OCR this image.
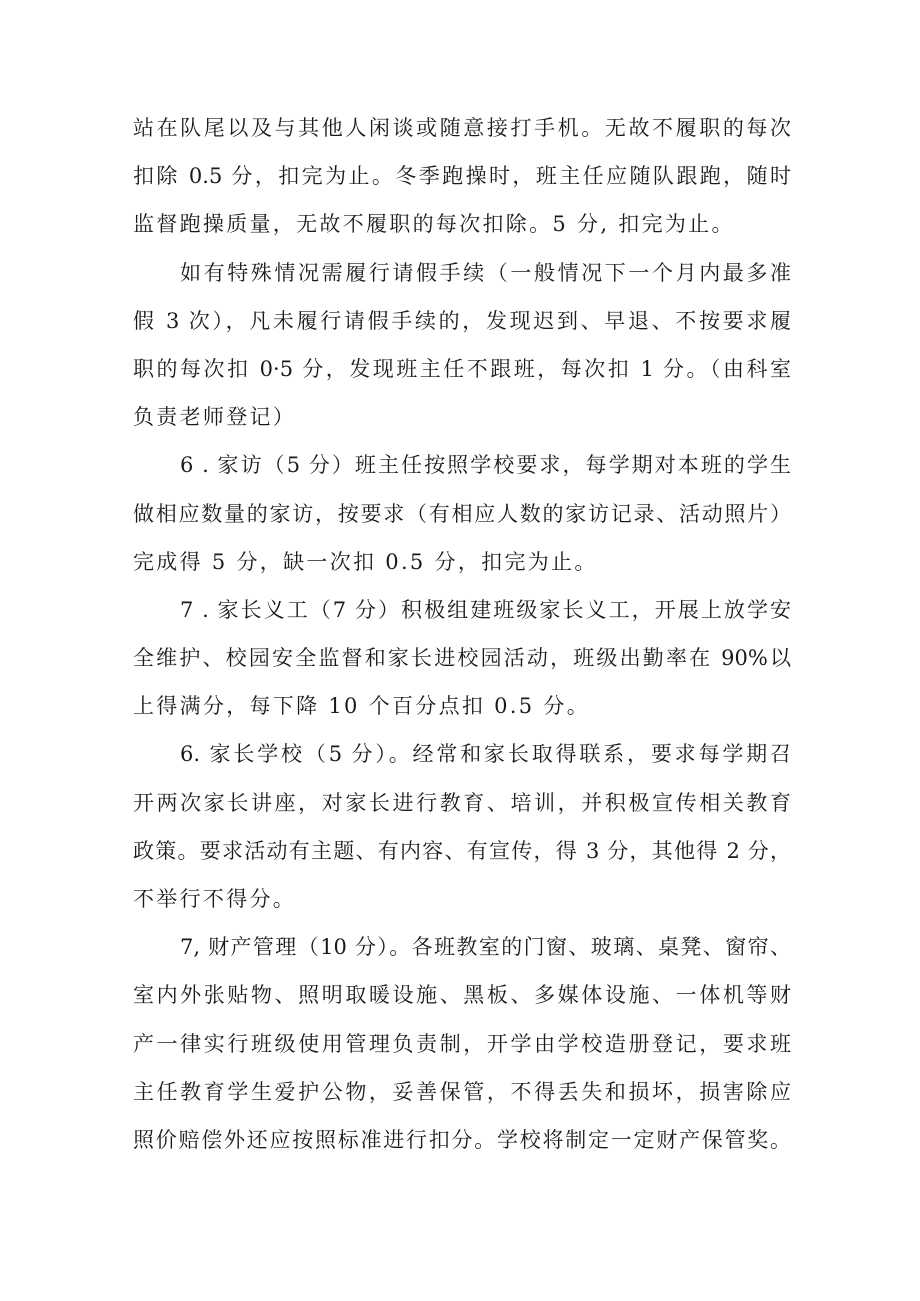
站在队尾以及与其他人闲谈或随意接打手机。无故不履职的每次
扣除 0.5 分，扣完为止。冬季跑操时，班主任应随队跟跑，随时
监督跑操质量，无故不履职的每次扣除。5 分, 扣完为止。
如有特殊情况需履行请假手续（一般情况下一个月内最多准
假 3 次），凡未履行请假手续的，发现迟到、早退、不按要求履
职的每次扣 0·5 分，发现班主任不跟班，每次扣 1 分。（由科室
负责老师登记）
6 . 家访（5 分）班主任按照学校要求，每学期对本班的学生
做相应数量的家访，按要求（有相应人数的家访记录、活动照片）
完成得 5 分，缺一次扣 0.5 分，扣完为止。
7 . 家长义工（7 分）积极组建班级家长义工，开展上放学安
全维护、校园安全监督和家长进校园活动，班级出勤率在 90%以
上得满分，每下降 10 个百分点扣 0.5 分。
6. 家长学校（5 分）。经常和家长取得联系，要求每学期召
开两次家长讲座，对家长进行教育、培训，并积极宣传相关教育
政策。要求活动有主题、有内容、有宣传，得 3 分，其他得 2 分，
不举行不得分。
7, 财产管理（10 分）。各班教室的门窗、玻璃、桌凳、窗帘、
室内外张贴物、照明取暖设施、黑板、多媒体设施、一体机等财
产一律实行班级使用管理负责制，开学由学校造册登记，要求班
主任教育学生爱护公物，妥善保管，不得丢失和损坏，损害除应
照价赔偿外还应按照标准进行扣分。学校将制定一定财产保管奖。
